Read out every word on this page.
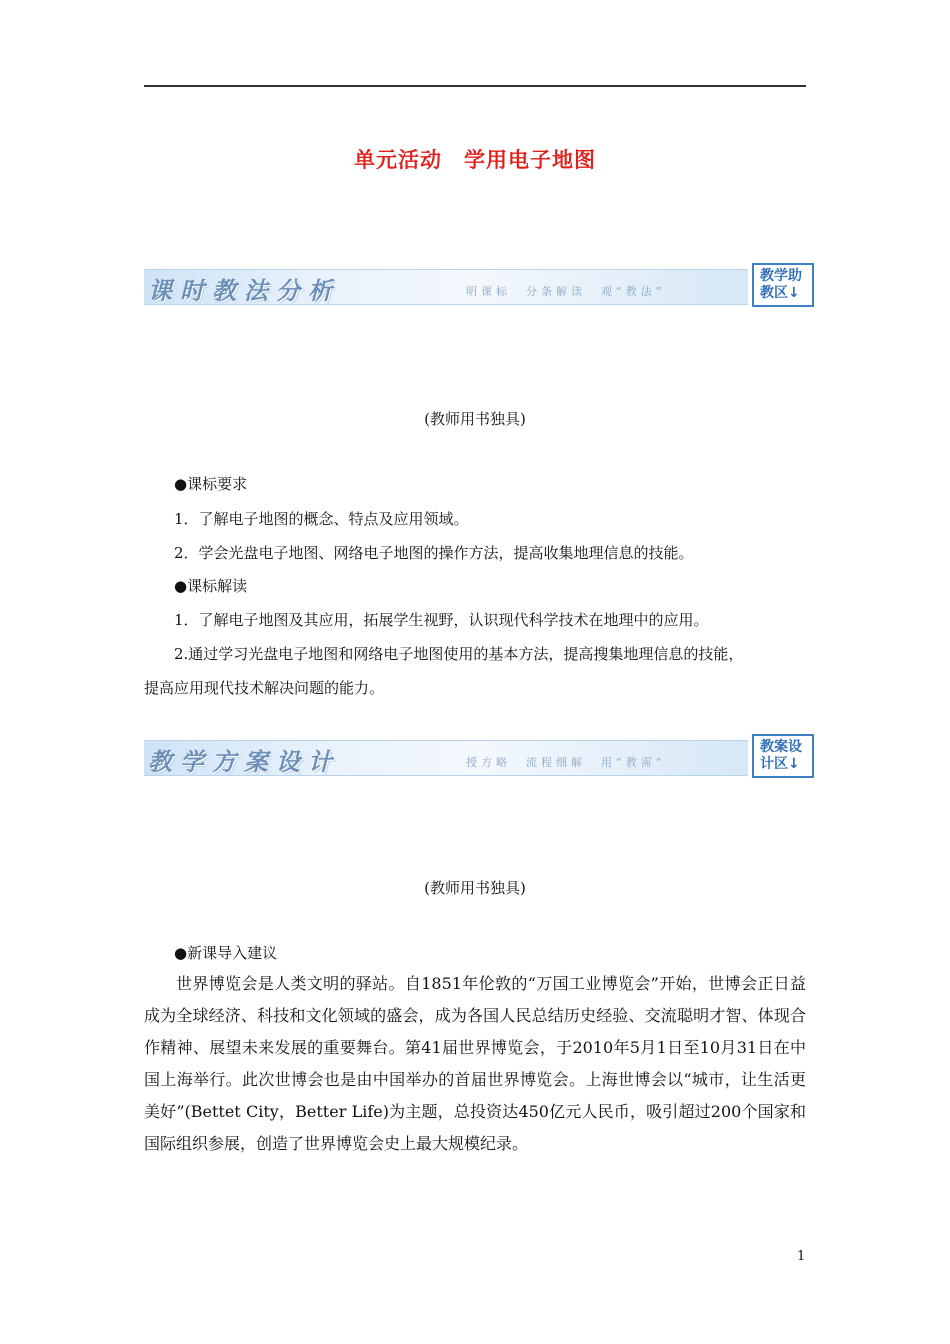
单元活动　学用电子地图
课时教法分析	明课标　分条解读　观“教法”
教学助
教区↓
(教师用书独具)
●课标要求
1．了解电子地图的概念、特点及应用领域。
2．学会光盘电子地图、网络电子地图的操作方法，提高收集地理信息的技能。
●课标解读
1．了解电子地图及其应用，拓展学生视野，认识现代科学技术在地理中的应用。
2.通过学习光盘电子地图和网络电子地图使用的基本方法，提高搜集地理信息的技能，
提高应用现代技术解决问题的能力。
教学方案设计	授方略　流程细解　用“教需”
教案设
计区↓
(教师用书独具)
●新课导入建议
世界博览会是人类文明的驿站。自1851年伦敦的“万国工业博览会”开始，世博会正日益成为全球经济、科技和文化领域的盛会，成为各国人民总结历史经验、交流聪明才智、体现合作精神、展望未来发展的重要舞台。第41届世界博览会，于2010年5月1日至10月31日在中国上海举行。此次世博会也是由中国举办的首届世界博览会。上海世博会以“城市，让生活更美好”(Bettet City，Better Life)为主题，总投资达450亿元人民币，吸引超过200个国家和国际组织参展，创造了世界博览会史上最大规模纪录。
1
